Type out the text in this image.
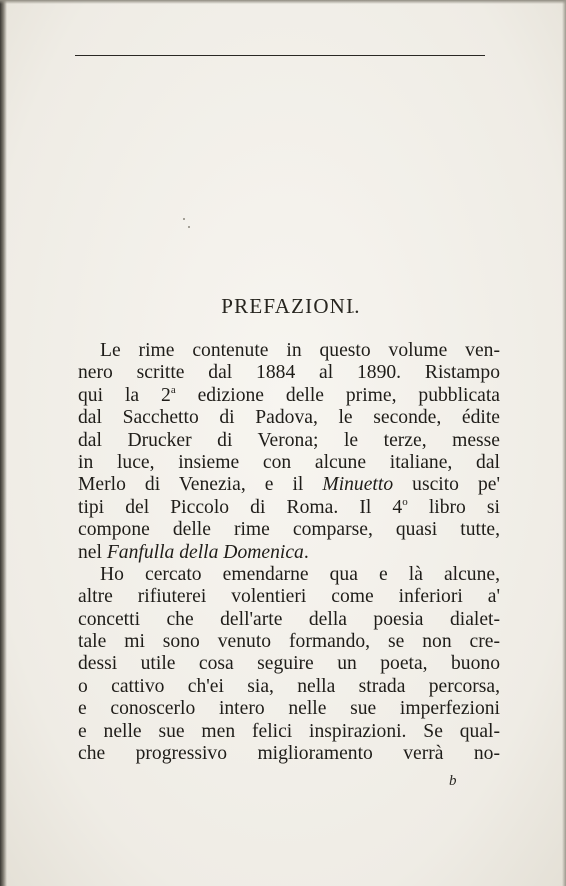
PREFAZIONI.
Le rime contenute in questo volume ven-
nero scritte dal 1884 al 1890. Ristampo
qui la 2$^a$ edizione delle prime, pubblicata
dal Sacchetto di Padova, le seconde, édite
dal Drucker di Verona; le terze, messe
in luce, insieme con alcune italiane, dal
Merlo di Venezia, e il Minuetto uscito pe'
tipi del Piccolo di Roma. Il 4$^o$ libro si
compone delle rime comparse, quasi tutte,
nel Fanfulla della Domenica.
Ho cercato emendarne qua e là alcune,
altre rifiuterei volentieri come inferiori a'
concetti che dell'arte della poesia dialet-
tale mi sono venuto formando, se non cre-
dessi utile cosa seguire un poeta, buono
o cattivo ch'ei sia, nella strada percorsa,
e conoscerlo intero nelle sue imperfezioni
e nelle sue men felici inspirazioni. Se qual-
che progressivo miglioramento verrà no-
b
